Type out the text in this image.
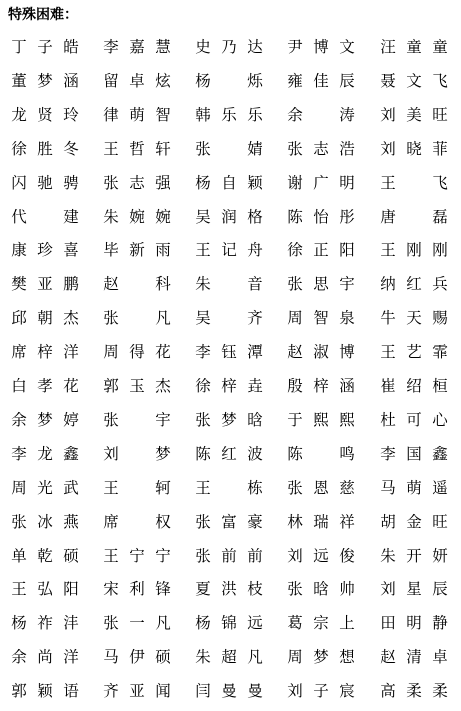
特殊困难：
丁 子 皓 李 嘉 慧 史 乃 达 尹 博 文 汪 童 童
董 梦 涵 留 卓 炫 杨 烁 雍 佳 辰 聂 文 飞
龙 贤 玲 律 萌 智 韩 乐 乐 余 涛 刘 美 旺
徐 胜 冬 王 哲 轩 张 婧 张 志 浩 刘 晓 菲
闪 驰 骋 张 志 强 杨 自 颖 谢 广 明 王 飞
代 建 朱 婉 婉 吴 润 格 陈 怡 彤 唐 磊
康 珍 喜 毕 新 雨 王 记 舟 徐 正 阳 王 刚 刚
樊 亚 鹏 赵 科 朱 音 张 思 宇 纳 红 兵
邱 朝 杰 张 凡 吴 齐 周 智 泉 牛 天 赐
席 梓 洋 周 得 花 李 钰 潭 赵 淑 博 王 艺 霏
白 孝 花 郭 玉 杰 徐 梓 垚 殷 梓 涵 崔 绍 桓
余 梦 婷 张 宇 张 梦 晗 于 熙 熙 杜 可 心
李 龙 鑫 刘 梦 陈 红 波 陈 鸣 李 国 鑫
周 光 武 王 轲 王 栋 张 恩 慈 马 萌 遥
张 冰 燕 席 权 张 富 豪 林 瑞 祥 胡 金 旺
单 乾 硕 王 宁 宁 张 前 前 刘 远 俊 朱 开 妍
王 弘 阳 宋 利 锋 夏 洪 枝 张 晗 帅 刘 星 辰
杨 祚 沣 张 一 凡 杨 锦 远 葛 宗 上 田 明 静
余 尚 洋 马 伊 硕 朱 超 凡 周 梦 想 赵 清 卓
郭 颖 语 齐 亚 闻 闫 曼 曼 刘 子 宸 高 柔 柔
